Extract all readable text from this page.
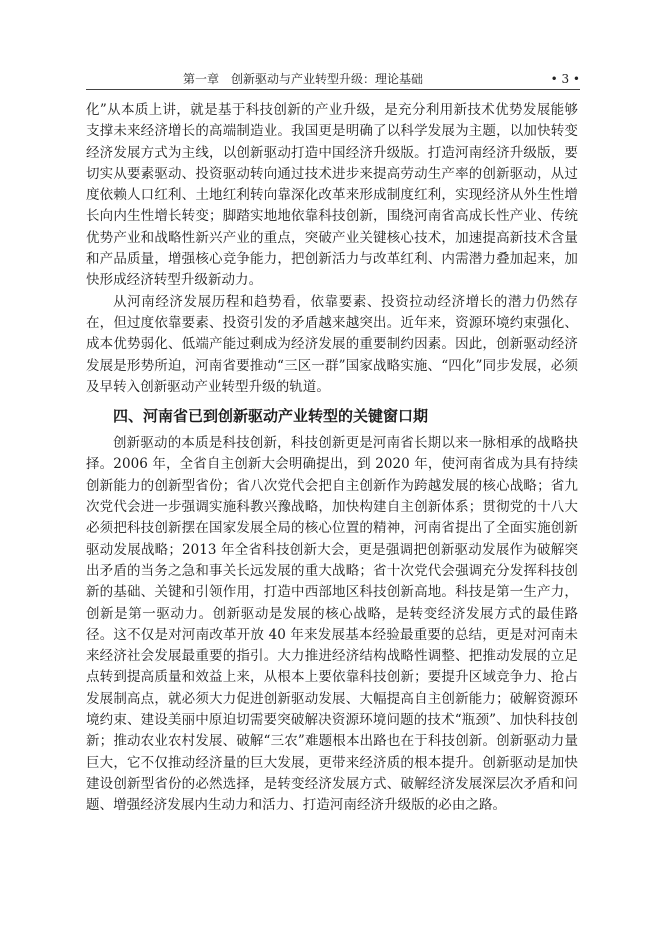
第一章　创新驱动与产业转型升级：理论基础	• 3 •

化”从本质上讲，就是基于科技创新的产业升级，是充分利用新技术优势发展能够支撑未来经济增长的高端制造业。我国更是明确了以科学发展为主题，以加快转变经济发展方式为主线，以创新驱动打造中国经济升级版。打造河南经济升级版，要切实从要素驱动、投资驱动转向通过技术进步来提高劳动生产率的创新驱动，从过度依赖人口红利、土地红利转向靠深化改革来形成制度红利，实现经济从外生性增长向内生性增长转变；脚踏实地地依靠科技创新，围绕河南省高成长性产业、传统优势产业和战略性新兴产业的重点，突破产业关键核心技术，加速提高新技术含量和产品质量，增强核心竞争能力，把创新活力与改革红利、内需潜力叠加起来，加快形成经济转型升级新动力。

从河南经济发展历程和趋势看，依靠要素、投资拉动经济增长的潜力仍然存在，但过度依靠要素、投资引发的矛盾越来越突出。近年来，资源环境约束强化、成本优势弱化、低端产能过剩成为经济发展的重要制约因素。因此，创新驱动经济发展是形势所迫，河南省要推动“三区一群”国家战略实施、“四化”同步发展，必须及早转入创新驱动产业转型升级的轨道。

四、河南省已到创新驱动产业转型的关键窗口期

创新驱动的本质是科技创新，科技创新更是河南省长期以来一脉相承的战略抉择。2006 年，全省自主创新大会明确提出，到 2020 年，使河南省成为具有持续创新能力的创新型省份；省八次党代会把自主创新作为跨越发展的核心战略；省九次党代会进一步强调实施科教兴豫战略，加快构建自主创新体系；贯彻党的十八大必须把科技创新摆在国家发展全局的核心位置的精神，河南省提出了全面实施创新驱动发展战略；2013 年全省科技创新大会，更是强调把创新驱动发展作为破解突出矛盾的当务之急和事关长远发展的重大战略；省十次党代会强调充分发挥科技创新的基础、关键和引领作用，打造中西部地区科技创新高地。科技是第一生产力，创新是第一驱动力。创新驱动是发展的核心战略，是转变经济发展方式的最佳路径。这不仅是对河南改革开放 40 年来发展基本经验最重要的总结，更是对河南未来经济社会发展最重要的指引。大力推进经济结构战略性调整、把推动发展的立足点转到提高质量和效益上来，从根本上要依靠科技创新；要提升区域竞争力、抢占发展制高点，就必须大力促进创新驱动发展、大幅提高自主创新能力；破解资源环境约束、建设美丽中原迫切需要突破解决资源环境问题的技术“瓶颈”、加快科技创新；推动农业农村发展、破解“三农”难题根本出路也在于科技创新。创新驱动力量巨大，它不仅推动经济量的巨大发展，更带来经济质的根本提升。创新驱动是加快建设创新型省份的必然选择，是转变经济发展方式、破解经济发展深层次矛盾和问题、增强经济发展内生动力和活力、打造河南经济升级版的必由之路。
